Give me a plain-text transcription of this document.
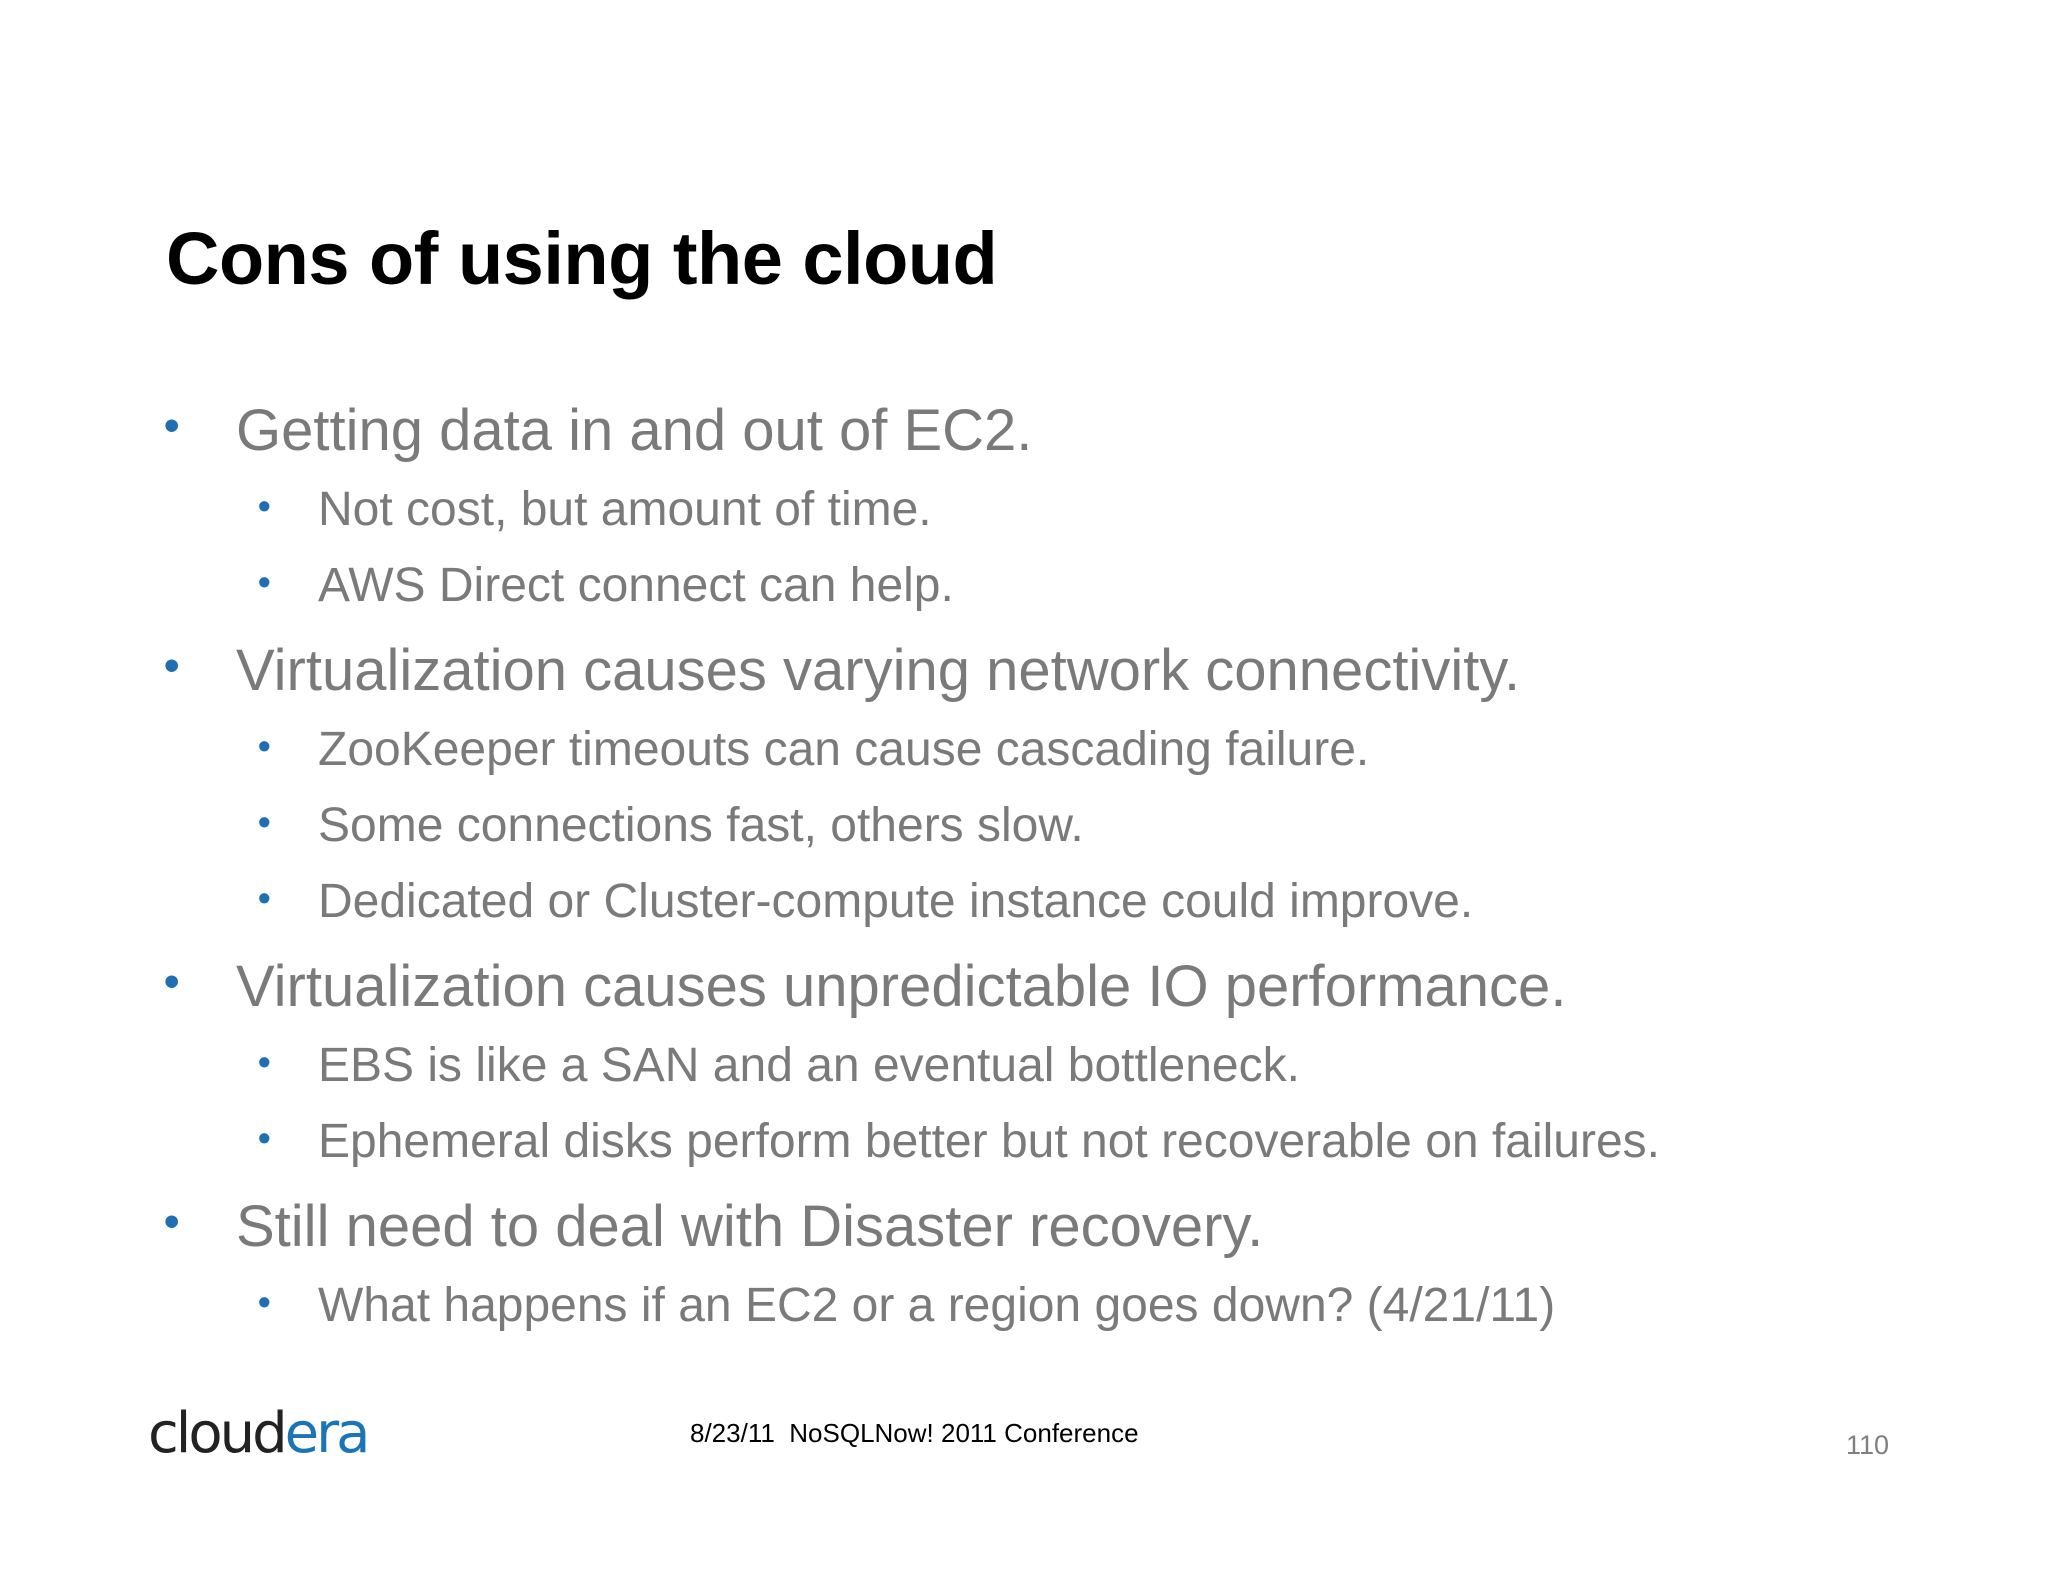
Cons of using the cloud
• Getting data in and out of EC2.
• Not cost, but amount of time.
• AWS Direct connect can help.
• Virtualization causes varying network connectivity.
• ZooKeeper timeouts can cause cascading failure.
• Some connections fast, others slow.
• Dedicated or Cluster-compute instance could improve.
• Virtualization causes unpredictable IO performance.
• EBS is like a SAN and an eventual bottleneck.
• Ephemeral disks perform better but not recoverable on failures.
• Still need to deal with Disaster recovery.
• What happens if an EC2 or a region goes down? (4/21/11)
cloudera	8/23/11  NoSQLNow! 2011 Conference	110
